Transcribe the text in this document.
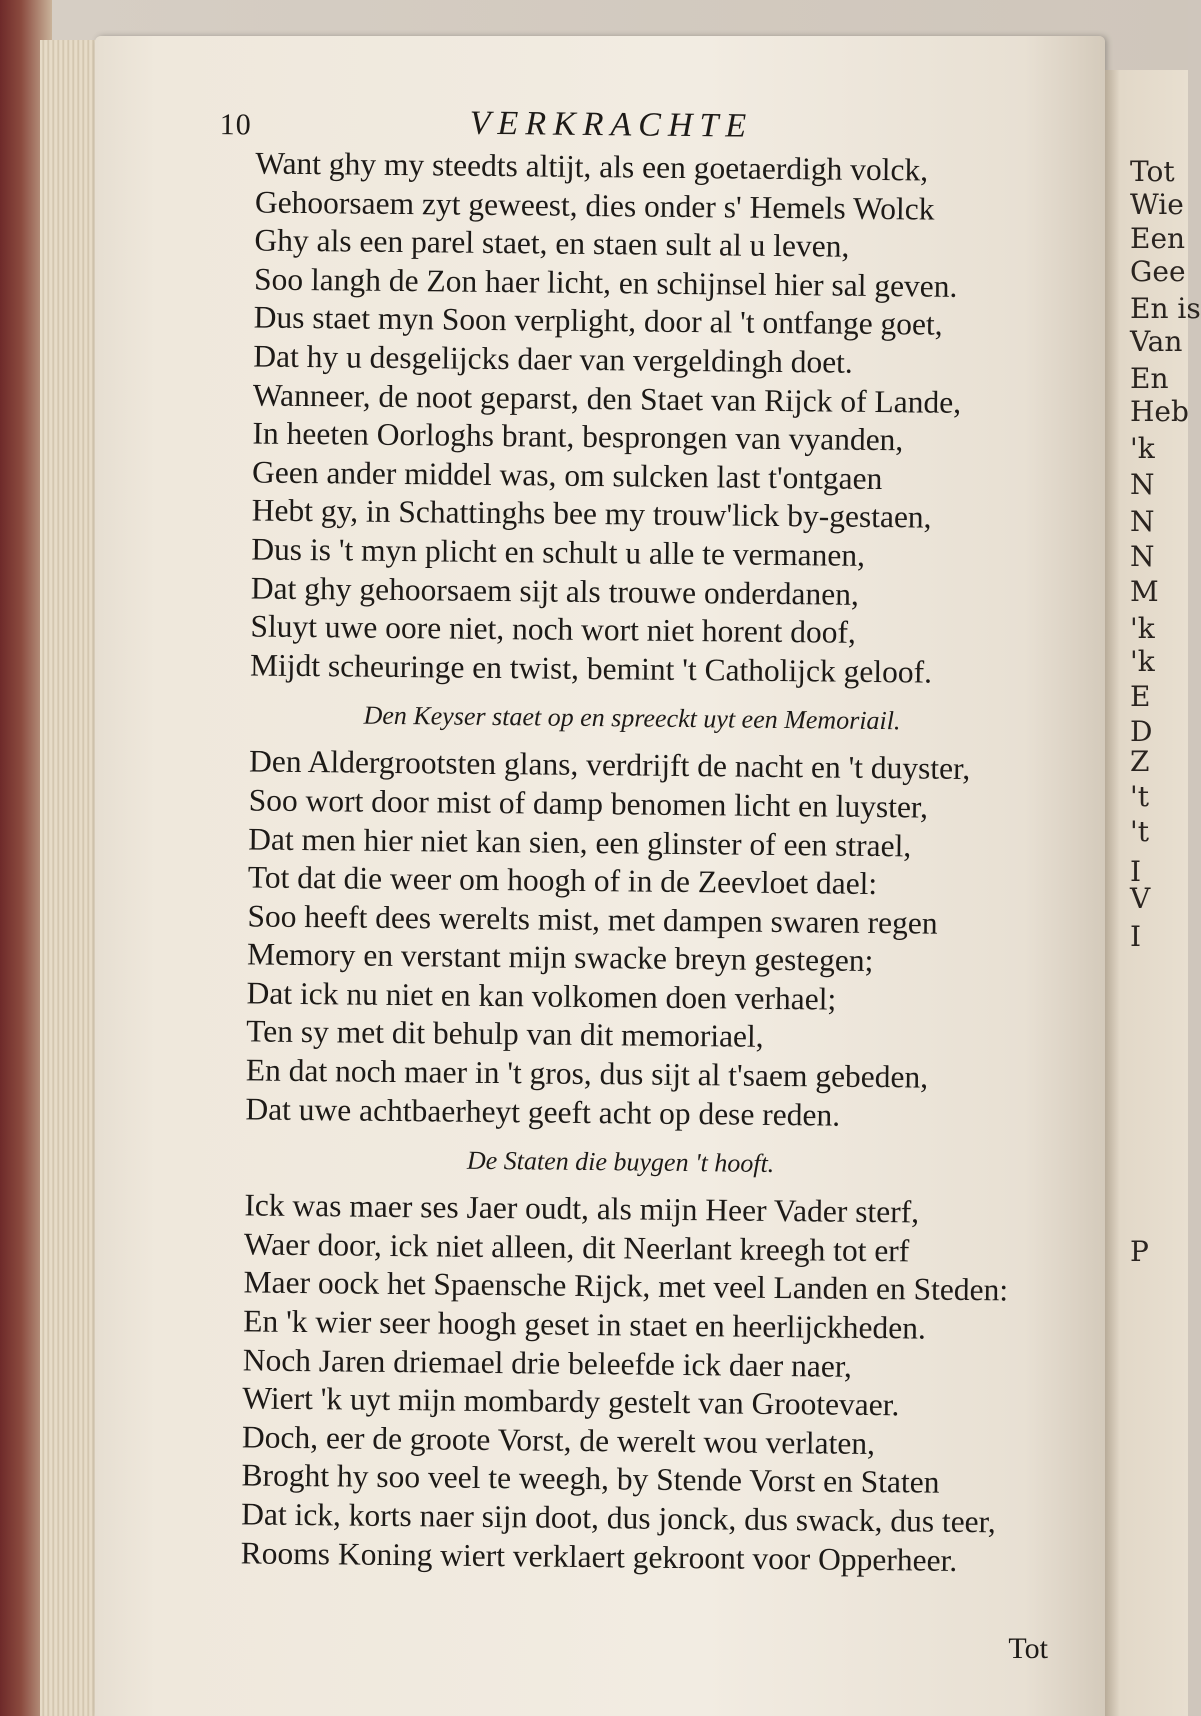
Tot
Wie
Een
Gee
En is
Van
En
Heb
'k
N
N
N
M
'k
'k
E
D
Z
't
't
I
V
I
P
10	VERKRACHTE
Want ghy my steedts altijt, als een goetaerdigh volck,
Gehoorsaem zyt geweest, dies onder s' Hemels Wolck
Ghy als een parel staet, en staen sult al u leven,
Soo langh de Zon haer licht, en schijnsel hier sal geven.
Dus staet myn Soon verplight, door al 't ontfange goet,
Dat hy u desgelijcks daer van vergeldingh doet.
Wanneer, de noot geparst, den Staet van Rijck of Lande,
In heeten Oorloghs brant, besprongen van vyanden,
Geen ander middel was, om sulcken last t'ontgaen
Hebt gy, in Schattinghs bee my trouw'lick by-gestaen,
Dus is 't myn plicht en schult u alle te vermanen,
Dat ghy gehoorsaem sijt als trouwe onderdanen,
Sluyt uwe oore niet, noch wort niet horent doof,
Mijdt scheuringe en twist, bemint 't Catholijck geloof.
Den Keyser staet op en spreeckt uyt een Memoriail.
Den Aldergrootsten glans, verdrijft de nacht en 't duyster,
Soo wort door mist of damp benomen licht en luyster,
Dat men hier niet kan sien, een glinster of een strael,
Tot dat die weer om hoogh of in de Zeevloet dael:
Soo heeft dees werelts mist, met dampen swaren regen
Memory en verstant mijn swacke breyn gestegen;
Dat ick nu niet en kan volkomen doen verhael;
Ten sy met dit behulp van dit memoriael,
En dat noch maer in 't gros, dus sijt al t'saem gebeden,
Dat uwe achtbaerheyt geeft acht op dese reden.
De Staten die buygen 't hooft.
Ick was maer ses Jaer oudt, als mijn Heer Vader sterf,
Waer door, ick niet alleen, dit Neerlant kreegh tot erf
Maer oock het Spaensche Rijck, met veel Landen en Steden:
En 'k wier seer hoogh geset in staet en heerlijckheden.
Noch Jaren driemael drie beleefde ick daer naer,
Wiert 'k uyt mijn mombardy gestelt van Grootevaer.
Doch, eer de groote Vorst, de werelt wou verlaten,
Broght hy soo veel te weegh, by Stende Vorst en Staten
Dat ick, korts naer sijn doot, dus jonck, dus swack, dus teer,
Rooms Koning wiert verklaert gekroont voor Opperheer.
Tot
